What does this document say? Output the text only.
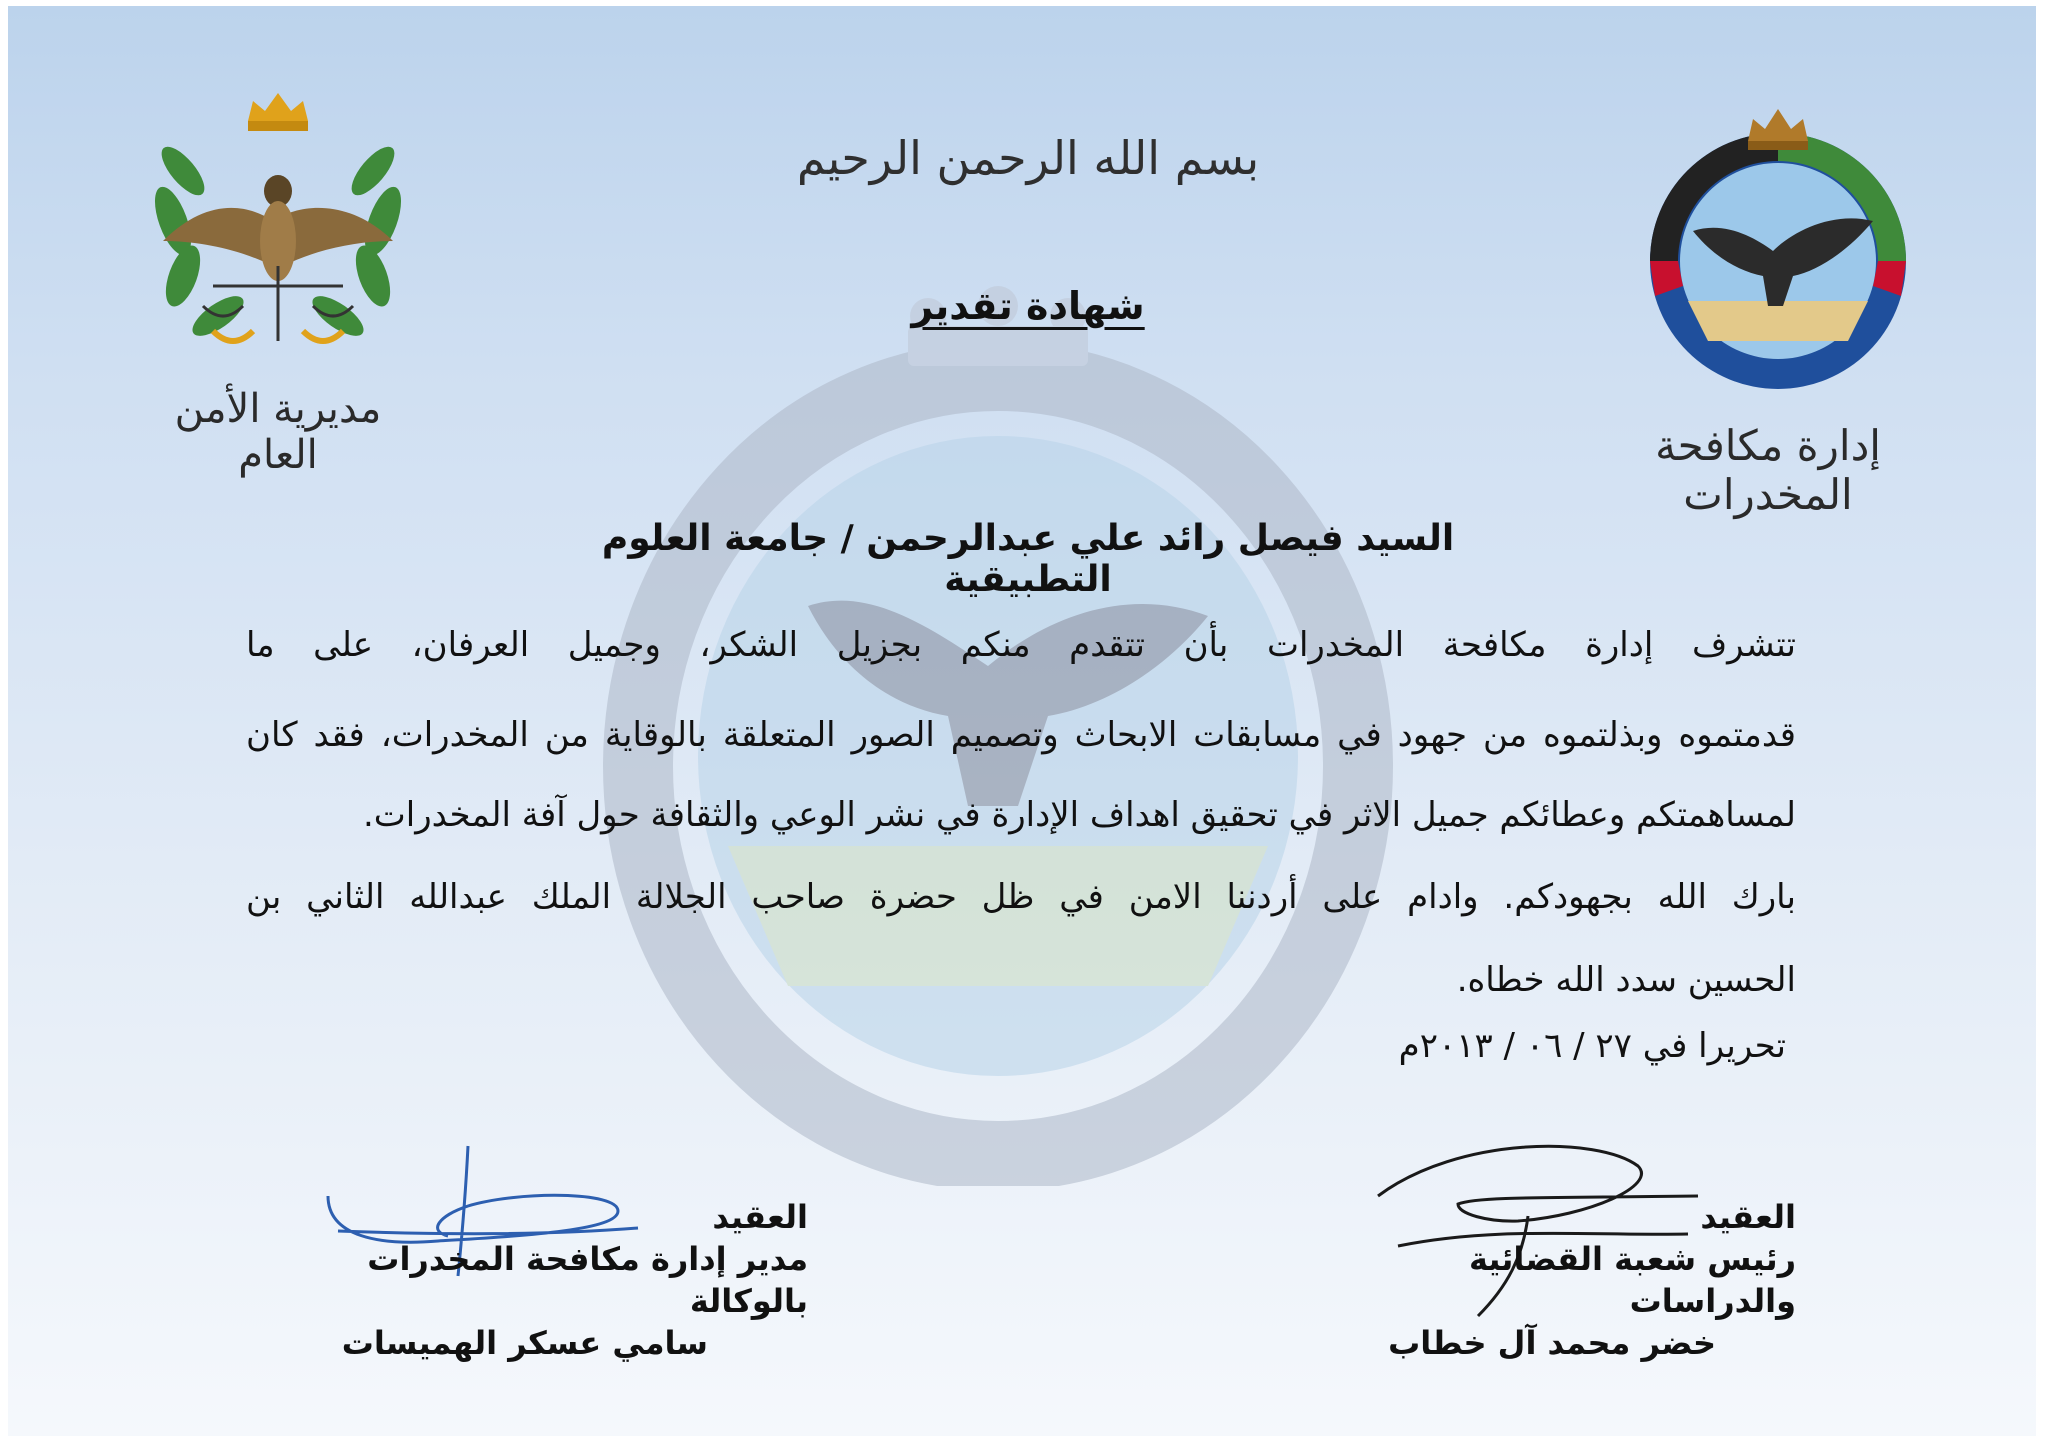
مديرية الأمن العام	إدارة مكافحة المخدرات
بسم الله الرحمن الرحيم
شهادة تقدير
السيد فيصل رائد علي عبدالرحمن / جامعة العلوم التطبيقية
تتشرف إدارة مكافحة المخدرات بأن تتقدم منكم بجزيل الشكر، وجميل العرفان، على ما
قدمتموه وبذلتموه من جهود في مسابقات الابحاث وتصميم الصور المتعلقة بالوقاية من المخدرات، فقد كان
لمساهمتكم وعطائكم جميل الاثر في تحقيق اهداف الإدارة في نشر الوعي والثقافة حول آفة المخدرات.
بارك الله بجهودكم. وادام على أردننا الامن في ظل حضرة صاحب الجلالة الملك عبدالله الثاني بن
الحسين سدد الله خطاه.
تحريرا في ٢٧ / ٠٦ / ٢٠١٣م
العقيد
رئيس شعبة القضائية والدراسات
خضر محمد آل خطاب
العقيد
مدير إدارة مكافحة المخدرات بالوكالة
سامي عسكر الهميسات
